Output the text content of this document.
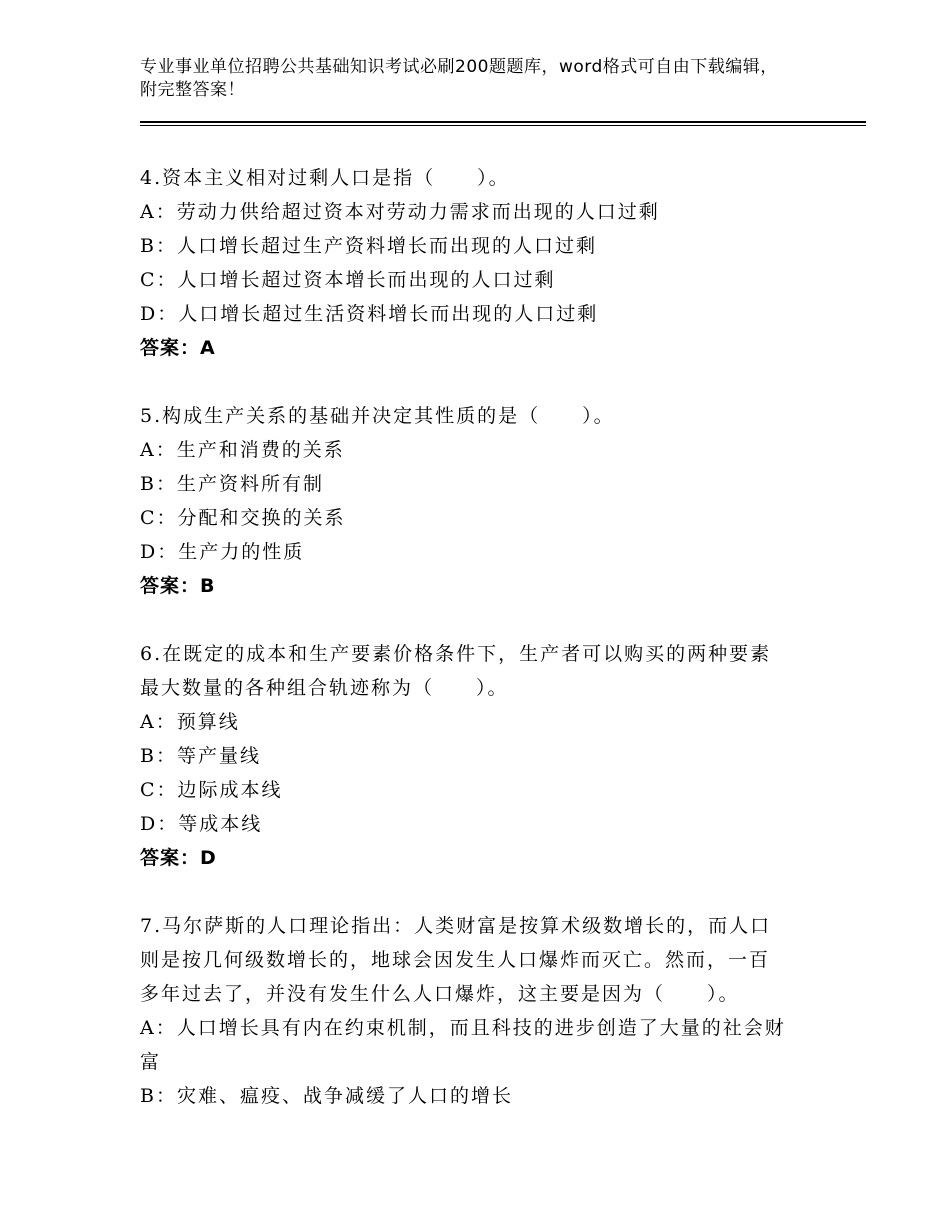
专业事业单位招聘公共基础知识考试必刷200题题库，word格式可自由下载编辑，附完整答案！
4.资本主义相对过剩人口是指（　　）。
A：劳动力供给超过资本对劳动力需求而出现的人口过剩
B：人口增长超过生产资料增长而出现的人口过剩
C：人口增长超过资本增长而出现的人口过剩
D：人口增长超过生活资料增长而出现的人口过剩
答案：A
5.构成生产关系的基础并决定其性质的是（　　）。
A：生产和消费的关系
B：生产资料所有制
C：分配和交换的关系
D：生产力的性质
答案：B
6.在既定的成本和生产要素价格条件下，生产者可以购买的两种要素
最大数量的各种组合轨迹称为（　　）。
A：预算线
B：等产量线
C：边际成本线
D：等成本线
答案：D
7.马尔萨斯的人口理论指出：人类财富是按算术级数增长的，而人口
则是按几何级数增长的，地球会因发生人口爆炸而灭亡。然而，一百
多年过去了，并没有发生什么人口爆炸，这主要是因为（　　）。
A：人口增长具有内在约束机制，而且科技的进步创造了大量的社会财
富
B：灾难、瘟疫、战争减缓了人口的增长
